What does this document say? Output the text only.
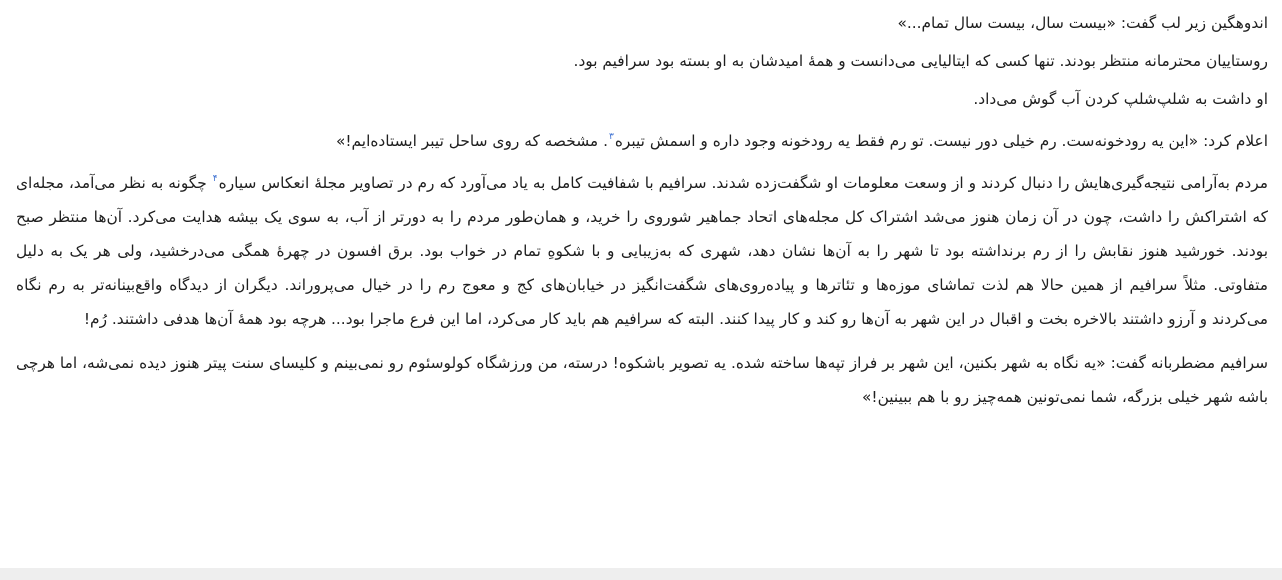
اندوهگین زیر لب گفت: «بیست سال، بیست سال تمام...»

روستاییان محترمانه منتظر بودند. تنها کسی که ایتالیایی می‌دانست و همهٔ امیدشان به او بسته بود سرافیم بود.

او داشت به شلپ‌شلپ کردن آب گوش می‌داد.

اعلام کرد: «این یه رودخونه‌ست. رم خیلی دور نیست. تو رم فقط یه رودخونه وجود داره و اسمش تیبره$^۳$. مشخصه که روی ساحل تیبر ایستاده‌ایم!»

مردم به‌آرامی نتیجه‌گیری‌هایش را دنبال کردند و از وسعت معلومات او شگفت‌زده شدند. سرافیم با شفافیت کامل به یاد می‌آورد که رم در تصاویر مجلهٔ انعکاس سیاره$^۴$ چگونه به نظر می‌آمد، مجله‌ای که اشتراکش را داشت، چون در آن زمان هنوز می‌شد اشتراک کل مجله‌های اتحاد جماهیر شوروی را خرید، و همان‌طور مردم را به دورتر از آب، به سوی یک بیشه هدایت می‌کرد. آن‌ها منتظر صبح بودند. خورشید هنوز نقابش را از رم برنداشته بود تا شهر را به آن‌ها نشان دهد، شهری که به‌زیبایی و با شکوهِ تمام در خواب بود. برق افسون در چهرهٔ همگی می‌درخشید، ولی هر یک به دلیل متفاوتی. مثلاً سرافیم از همین حالا هم لذت تماشای موزه‌ها و تئاترها و پیاده‌روی‌های شگفت‌انگیز در خیابان‌های کج و معوج رم را در خیال می‌پروراند. دیگران از دیدگاه واقع‌بینانه‌تر به رم نگاه می‌کردند و آرزو داشتند بالاخره بخت و اقبال در این شهر به آن‌ها رو کند و کار پیدا کنند. البته که سرافیم هم باید کار می‌کرد، اما این فرع ماجرا بود... هرچه بود همهٔ آن‌ها هدفی داشتند. رُم!

سرافیم مضطربانه گفت: «یه نگاه به شهر بکنین، این شهر بر فراز تپه‌ها ساخته شده. یه تصویر باشکوه! درسته، من ورزشگاه کولوسئوم رو نمی‌بینم و کلیسای سنت پیتر هنوز دیده نمی‌شه، اما هرچی باشه شهر خیلی بزرگه، شما نمی‌تونین همه‌چیز رو با هم ببینین!»
